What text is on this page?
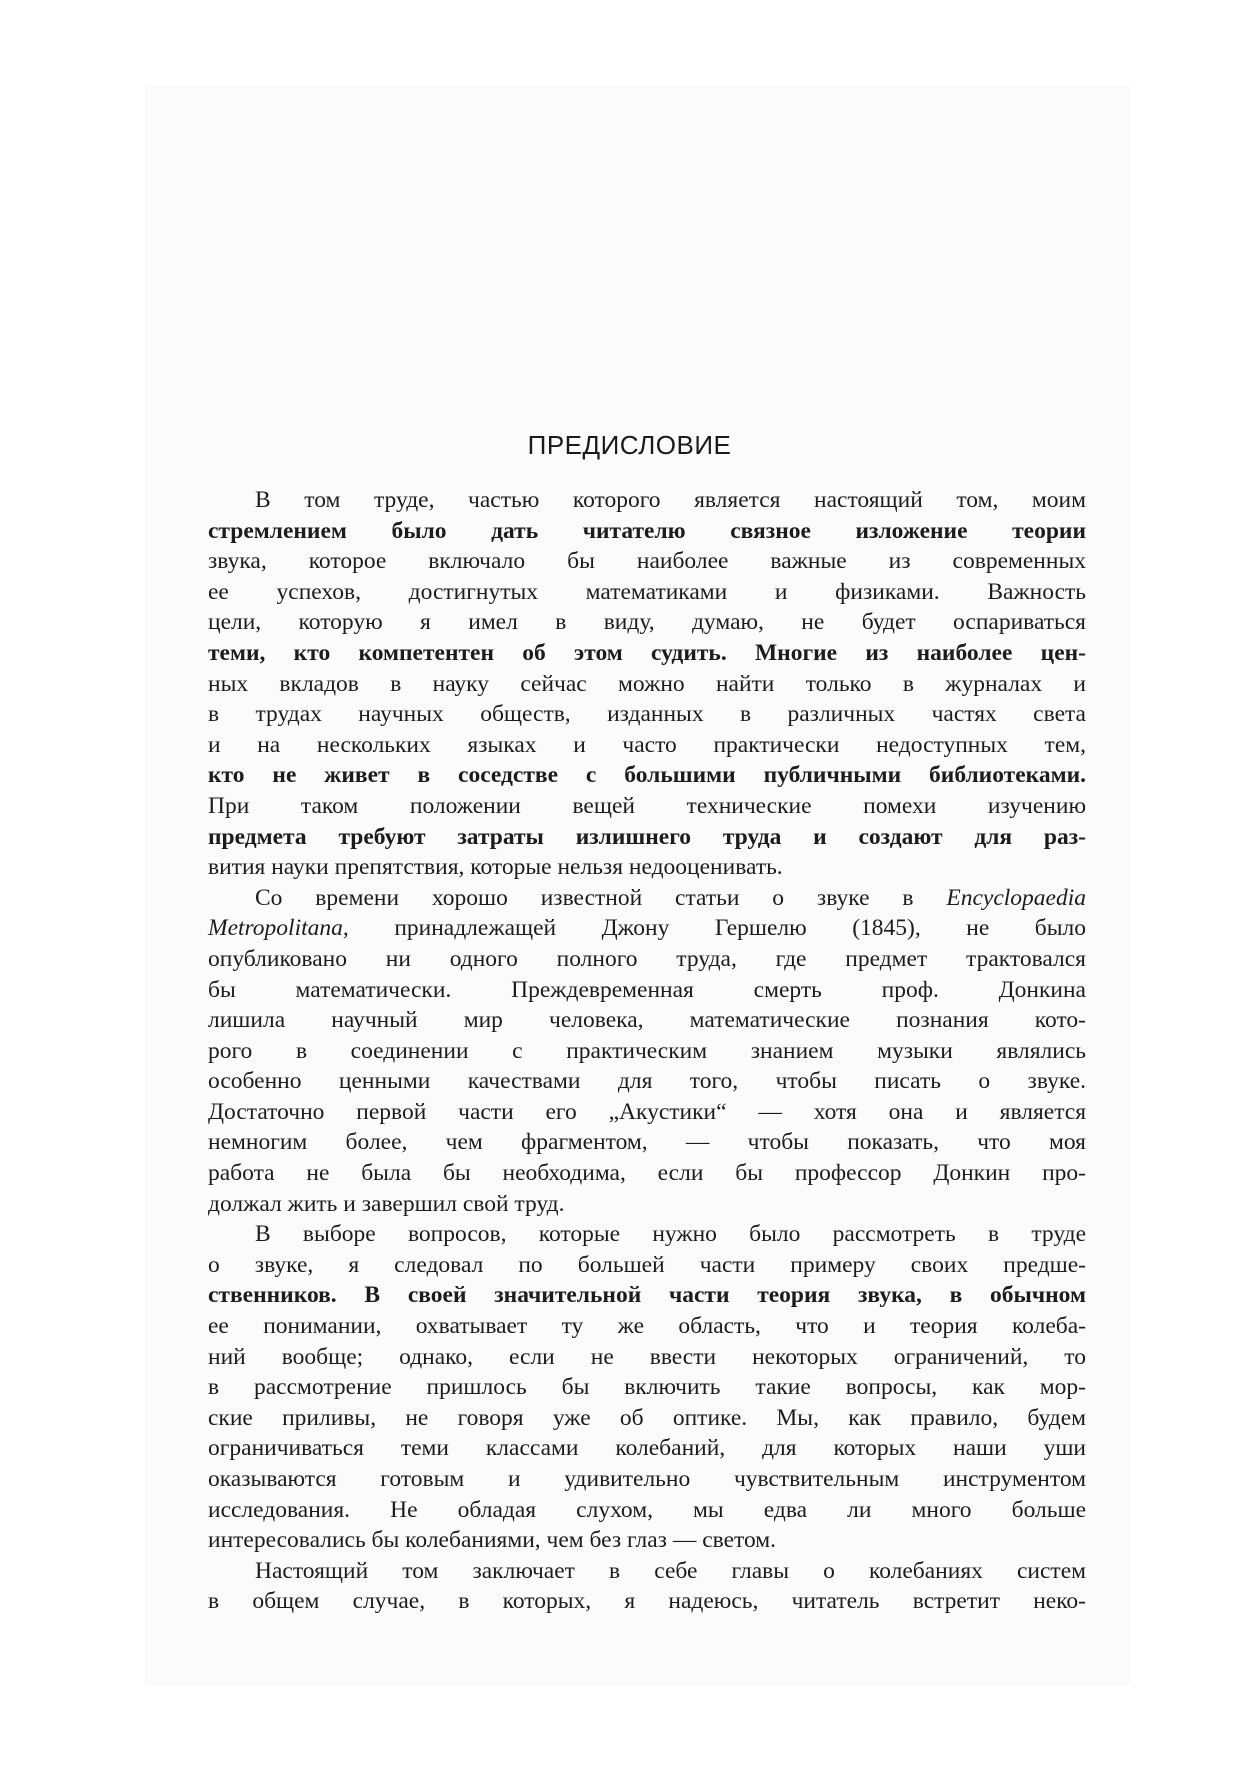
ПРЕДИСЛОВИЕ
В том труде, частью которого является настоящий том, моим
стремлением было дать читателю связное изложение теории
звука, которое включало бы наиболее важные из современных
ее успехов, достигнутых математиками и физиками. Важность
цели, которую я имел в виду, думаю, не будет оспариваться
теми, кто компетентен об этом судить. Многие из наиболее цен-
ных вкладов в науку сейчас можно найти только в журналах и
в трудах научных обществ, изданных в различных частях света
и на нескольких языках и часто практически недоступных тем,
кто не живет в соседстве с большими публичными библиотеками.
При таком положении вещей технические помехи изучению
предмета требуют затраты излишнего труда и создают для раз-
вития науки препятствия, которые нельзя недооценивать.
Со времени хорошо известной статьи о звуке в Encyclopaedia
Metropolitana, принадлежащей Джону Гершелю (1845), не было
опубликовано ни одного полного труда, где предмет трактовался
бы математически. Преждевременная смерть проф. Донкина
лишила научный мир человека, математические познания кото-
рого в соединении с практическим знанием музыки являлись
особенно ценными качествами для того, чтобы писать о звуке.
Достаточно первой части его „Акустики“ — хотя она и является
немногим более, чем фрагментом, — чтобы показать, что моя
работа не была бы необходима, если бы профессор Донкин про-
должал жить и завершил свой труд.
В выборе вопросов, которые нужно было рассмотреть в труде
о звуке, я следовал по большей части примеру своих предше-
ственников. В своей значительной части теория звука, в обычном
ее понимании, охватывает ту же область, что и теория колеба-
ний вообще; однако, если не ввести некоторых ограничений, то
в рассмотрение пришлось бы включить такие вопросы, как мор-
ские приливы, не говоря уже об оптике. Мы, как правило, будем
ограничиваться теми классами колебаний, для которых наши уши
оказываются готовым и удивительно чувствительным инструментом
исследования. Не обладая слухом, мы едва ли много больше
интересовались бы колебаниями, чем без глаз — светом.
Настоящий том заключает в себе главы о колебаниях систем
в общем случае, в которых, я надеюсь, читатель встретит неко-
